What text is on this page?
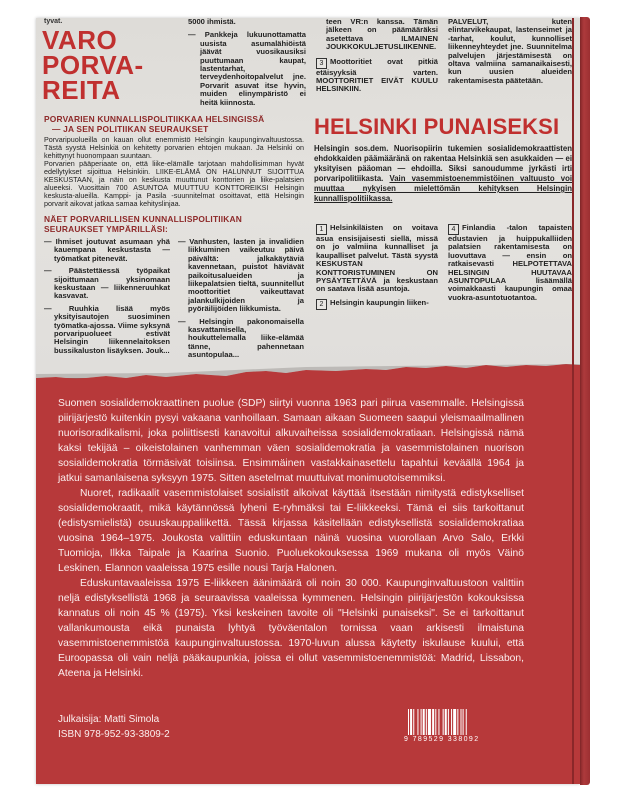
tyvat.
VARO
PORVA-
REITA
5000 ihmistä.
— Pankkeja lukuunottamatta uusista asumalähiöistä jäävät vuosikausiksi puuttumaan kaupat, lastentarhat, terveydenhoitopalvelut jne. Porvarit asuvat itse hyvin, muiden elinympäristö ei heitä kiinnosta.
teen VR:n kanssa. Tämän jälkeen on päämääräksi asetettava ILMAINEN JOUKKOKULJETUSLIIKENNE.
3 Moottoritiet ovat pitkiä etäisyyksiä varten. MOOTTORITIET EIVÄT KUULU HELSINKIIN.
PALVELUT, kuten elintarvikekaupat, lastenseimet ja -tarhat, koulut, kunnolliset liikenneyhteydet jne. Suunnitelma palvelujen järjestämisestä on oltava valmiina samanaikaisesti, kun uusien alueiden rakentamisesta päätetään.
PORVARIEN KUNNALLISPOLITIIKKAA HELSINGISSÄ
— JA SEN POLITIIKAN SEURAUKSET
Porvaripuolueilla on kauan ollut enemmistö Helsingin kaupunginvaltuustossa. Tästä syystä Helsinkiä on kehitetty porvarien ehtojen mukaan. Ja Helsinki on kehittynyt huonompaan suuntaan.
Porvarien pääperiaate on, että liike-elämälle tarjotaan mahdollisimman hyvät edellytykset sijoittua Helsinkiin. LIIKE-ELÄMÄ ON HALUNNUT SIJOITTUA KESKUSTAAN, ja näin on keskusta muuttunut konttorien ja liike-palatsien alueeksi. Vuosittain 700 ASUNTOA MUUTTUU KONTTOREIKSI Helsingin keskusta-alueilla. Kamppi- ja Pasila -suunnitelmat osoittavat, että Helsingin porvarit aikovat jatkaa samaa kehityslinjaa.
NÄET PORVARILLISEN KUNNALLISPOLITIIKAN
SEURAUKSET YMPÄRILLÄSI:
— Ihmiset joutuvat asumaan yhä kauempana keskustasta — työmatkat pitenevät.
— Päästettäessä työpaikat sijoittumaan yksinomaan keskustaan — liikenneruuhkat kasvavat.
— Ruuhkia lisää myös yksityisautojen suosiminen työmatka-ajossa. Viime syksynä porvaripuolueet estivät Helsingin liikennelaitoksen bussikaluston lisäyksen. Jouk...
— Vanhusten, lasten ja invalidien liikkuminen vaikeutuu päivä päivältä: jalkakäytäviä kavennetaan, puistot häviävät paikoitusalueiden ja liikepalatsien tieltä, suunnitellut moottoritiet vaikeuttavat jalankulkijoiden ja pyöräilijöiden liikkumista.
— Helsingin pakonomaisella kasvattamisella, houkuttelemalla liike-elämää tänne, pahennetaan asuntopulaa...
HELSINKI PUNAISEKSI
Helsingin sos.dem. Nuorisopiirin tukemien sosialidemokraattisten ehdokkaiden päämääränä on rakentaa Helsinkiä sen asukkaiden — ei yksityisen pääoman — ehdoilla. Siksi sanoudumme jyrkästi irti porvaripolitiikasta. Vain vasemmistoenemmistöinen valtuusto voi muuttaa nykyisen mielettömän kehityksen Helsingin kunnallispolitiikassa.
1 Helsinkiläisten on voitava asua ensisijaisesti siellä, missä on jo valmiina kunnalliset ja kaupalliset palvelut. Tästä syystä KESKUSTAN KONTTORISTUMINEN ON PYSÄYTETTÄVÄ ja keskustaan on saatava lisää asuntoja.
2 Helsingin kaupungin liiken-
4 Finlandia -talon tapaisten edustavien ja huippukalliiden palatsien rakentamisesta on luovuttava — ensin on ratkaisevasti HELPOTETTAVA HELSINGIN HUUTAVAA ASUNTOPULAA lisäämällä voimakkaasti kaupungin omaa vuokra-asuntotuotantoa.

Suomen sosialidemokraattinen puolue (SDP) siirtyi vuonna 1963 pari piirua vasemmalle. Helsingissä piirijärjestö kuitenkin pysyi vakaana vanhoillaan. Samaan aikaan Suomeen saapui yleismaailmallinen nuorisoradikalismi, joka poliittisesti kanavoitui alkuvaiheissa sosialidemokratiaan. Helsingissä nämä kaksi tekijää – oikeistolainen vanhemman väen sosialidemokratia ja vasemmistolainen nuorison sosialidemokratia törmäsivät toisiinsa. Ensimmäinen vastakkainasettelu tapahtui keväällä 1964 ja jatkui samanlaisena syksyyn 1975. Sitten asetelmat muuttuivat monimuotoisemmiksi.

Nuoret, radikaalit vasemmistolaiset sosialistit alkoivat käyttää itsestään nimitystä edistykselliset sosialidemokraatit, mikä käytännössä lyheni E-ryhmäksi tai E-liikkeeksi. Tämä ei siis tarkoittanut (edistysmielistä) osuuskauppaliikettä. Tässä kirjassa käsitellään edistyksellistä sosialidemokratiaa vuosina 1964–1975. Joukosta valittiin eduskuntaan näinä vuosina vuorollaan Arvo Salo, Erkki Tuomioja, Ilkka Taipale ja Kaarina Suonio. Puoluekokouksessa 1969 mukana oli myös Väinö Leskinen. Elannon vaaleissa 1975 esille nousi Tarja Halonen.

Eduskuntavaaleissa 1975 E-liikkeen äänimäärä oli noin 30 000. Kaupunginvaltuustoon valittiin neljä edistyksellistä 1968 ja seuraavissa vaaleissa kymmenen. Helsingin piirijärjestön kokouksissa kannatus oli noin 45 % (1975). Yksi keskeinen tavoite oli "Helsinki punaiseksi". Se ei tarkoittanut vallankumousta eikä punaista lyhtyä työväentalon tornissa vaan arkisesti ilmaistuna vasemmistoenemmistöä kaupunginvaltuustossa. 1970-luvun alussa käytetty iskulause kuului, että Euroopassa oli vain neljä pääkaupunkia, joissa ei ollut vasemmistoenemmistöä: Madrid, Lissabon, Ateena ja Helsinki.

Julkaisija: Matti Simola
ISBN 978-952-93-3809-2	9 789529 338092
